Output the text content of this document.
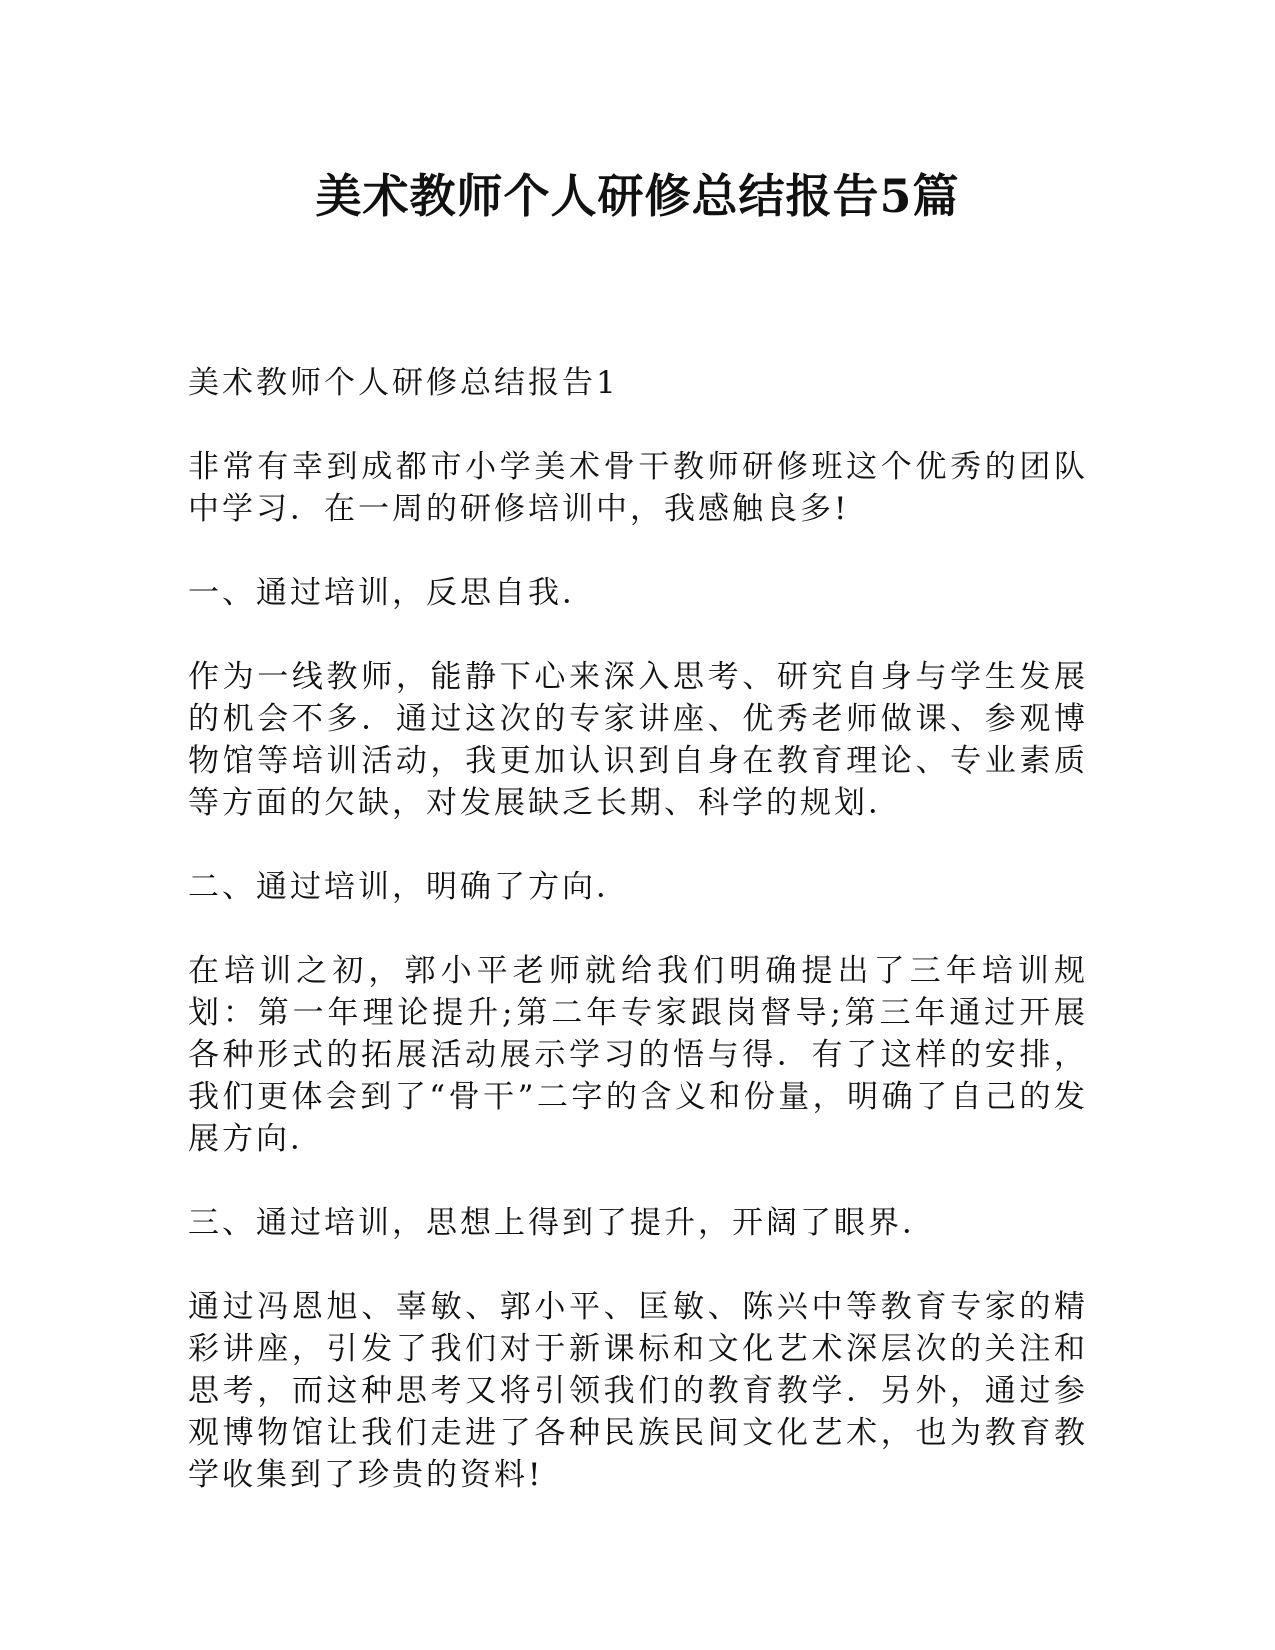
美术教师个人研修总结报告5篇

美术教师个人研修总结报告1

非常有幸到成都市小学美术骨干教师研修班这个优秀的团队中学习．在一周的研修培训中，我感触良多!

一、通过培训，反思自我．

作为一线教师，能静下心来深入思考、研究自身与学生发展的机会不多．通过这次的专家讲座、优秀老师做课、参观博物馆等培训活动，我更加认识到自身在教育理论、专业素质等方面的欠缺，对发展缺乏长期、科学的规划．

二、通过培训，明确了方向．

在培训之初，郭小平老师就给我们明确提出了三年培训规划：第一年理论提升;第二年专家跟岗督导;第三年通过开展各种形式的拓展活动展示学习的悟与得．有了这样的安排，我们更体会到了“骨干”二字的含义和份量，明确了自己的发展方向．

三、通过培训，思想上得到了提升，开阔了眼界．

通过冯恩旭、辜敏、郭小平、匡敏、陈兴中等教育专家的精彩讲座，引发了我们对于新课标和文化艺术深层次的关注和思考，而这种思考又将引领我们的教育教学．另外，通过参观博物馆让我们走进了各种民族民间文化艺术，也为教育教学收集到了珍贵的资料!
